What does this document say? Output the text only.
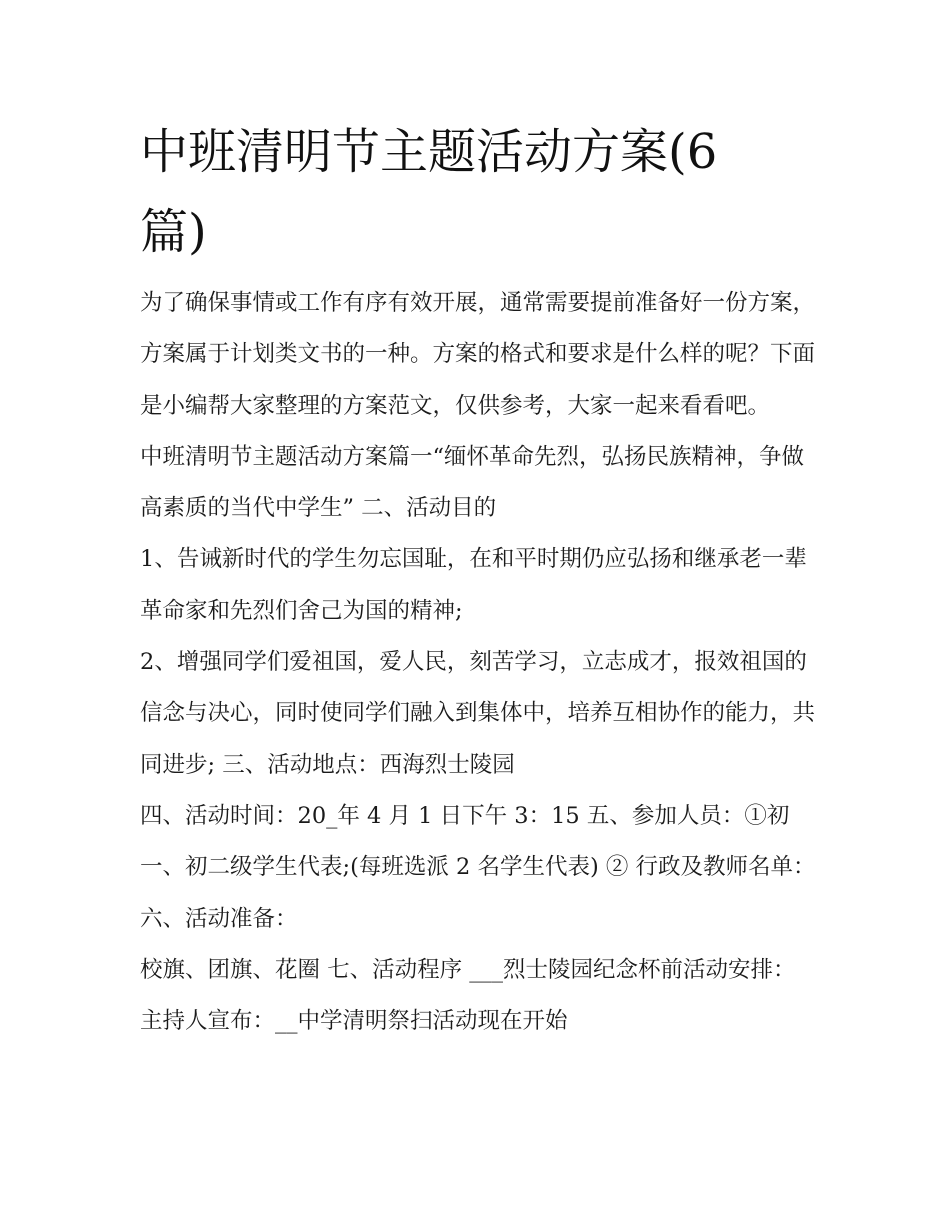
中班清明节主题活动方案(6篇)

为了确保事情或工作有序有效开展，通常需要提前准备好一份方案，方案属于计划类文书的一种。方案的格式和要求是什么样的呢？下面是小编帮大家整理的方案范文，仅供参考，大家一起来看看吧。

中班清明节主题活动方案篇一“缅怀革命先烈，弘扬民族精神，争做高素质的当代中学生” 二、活动目的

1、告诫新时代的学生勿忘国耻，在和平时期仍应弘扬和继承老一辈革命家和先烈们舍己为国的精神;

2、增强同学们爱祖国，爱人民，刻苦学习，立志成才，报效祖国的信念与决心，同时使同学们融入到集体中，培养互相协作的能力，共同进步; 三、活动地点：西海烈士陵园

四、活动时间：20_年 4 月 1 日下午 3：15 五、参加人员：①初一、初二级学生代表;(每班选派 2 名学生代表) ② 行政及教师名单： 六、活动准备：

校旗、团旗、花圈 七、活动程序 ___烈士陵园纪念杯前活动安排： 主持人宣布：__中学清明祭扫活动现在开始
